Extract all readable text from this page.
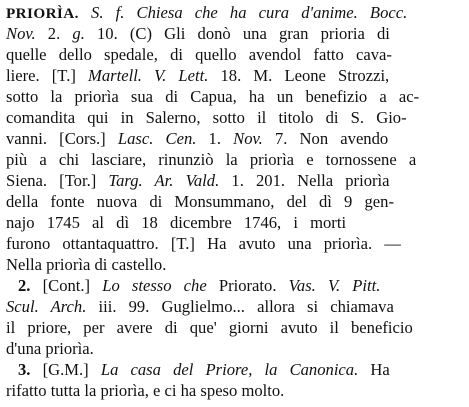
PRIORÌA. S. f. Chiesa che ha cura d'anime. Bocc.
Nov. 2. g. 10. (C) Gli donò una gran prioria di
quelle dello spedale, di quello avendol fatto cava-
liere. [T.] Martell. V. Lett. 18. M. Leone Strozzi,
sotto la priorìa sua di Capua, ha un benefizio a ac-
comandita qui in Salerno, sotto il titolo di S. Gio-
vanni. [Cors.] Lasc. Cen. 1. Nov. 7. Non avendo
più a chi lasciare, rinunziò la priorìa e tornossene a
Siena. [Tor.] Targ. Ar. Vald. 1. 201. Nella priorìa
della fonte nuova di Monsummano, del dì 9 gen-
najo 1745 al dì 18 dicembre 1746, i morti
furono ottantaquattro. [T.] Ha avuto una priorìa. —
Nella priorìa di castello.
2. [Cont.] Lo stesso che Priorato. Vas. V. Pitt.
Scul. Arch. iii. 99. Guglielmo... allora si chiamava
il priore, per avere di que' giorni avuto il beneficio
d'una priorìa.
3. [G.M.] La casa del Priore, la Canonica. Ha
rifatto tutta la priorìa, e ci ha speso molto.
